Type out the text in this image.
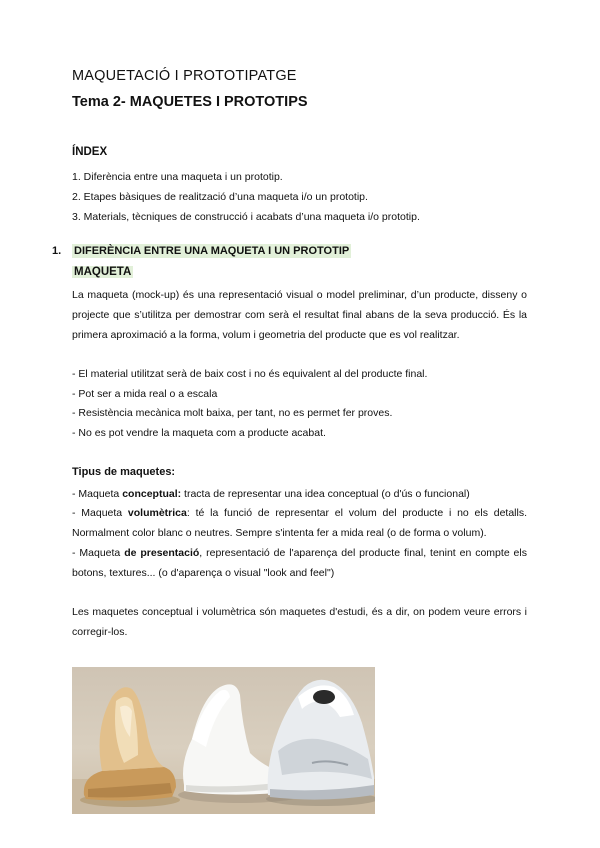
MAQUETACIÓ I PROTOTIPATGE
Tema 2- MAQUETES I PROTOTIPS
ÍNDEX
1. Diferència entre una maqueta i un prototip.
2. Etapes bàsiques de realització d’una maqueta i/o un prototip.
3. Materials, tècniques de construcció i acabats d’una maqueta i/o prototip.
1. DIFERÈNCIA ENTRE UNA MAQUETA I UN PROTOTIP
MAQUETA
La maqueta (mock-up) és una representació visual o model preliminar, d’un producte, disseny o projecte que s’utilitza per demostrar com serà el resultat final abans de la seva producció. És la primera aproximació a la forma, volum i geometria del producte que es vol realitzar.
- El material utilitzat serà de baix cost i no és equivalent al del producte final.
- Pot ser a mida real o a escala
- Resistència mecànica molt baixa, per tant, no es permet fer proves.
- No es pot vendre la maqueta com a producte acabat.
Tipus de maquetes:
- Maqueta conceptual: tracta de representar una idea conceptual (o d'ús o funcional)
- Maqueta volumètrica: té la funció de representar el volum del producte i no els detalls. Normalment color blanc o neutres. Sempre s'intenta fer a mida real (o de forma o volum).
- Maqueta de presentació, representació de l'aparença del producte final, tenint en compte els botons, textures... (o d'aparença o visual "look and feel")
Les maquetes conceptual i volumètrica són maquetes d'estudi, és a dir, on podem veure errors i corregir-los.
